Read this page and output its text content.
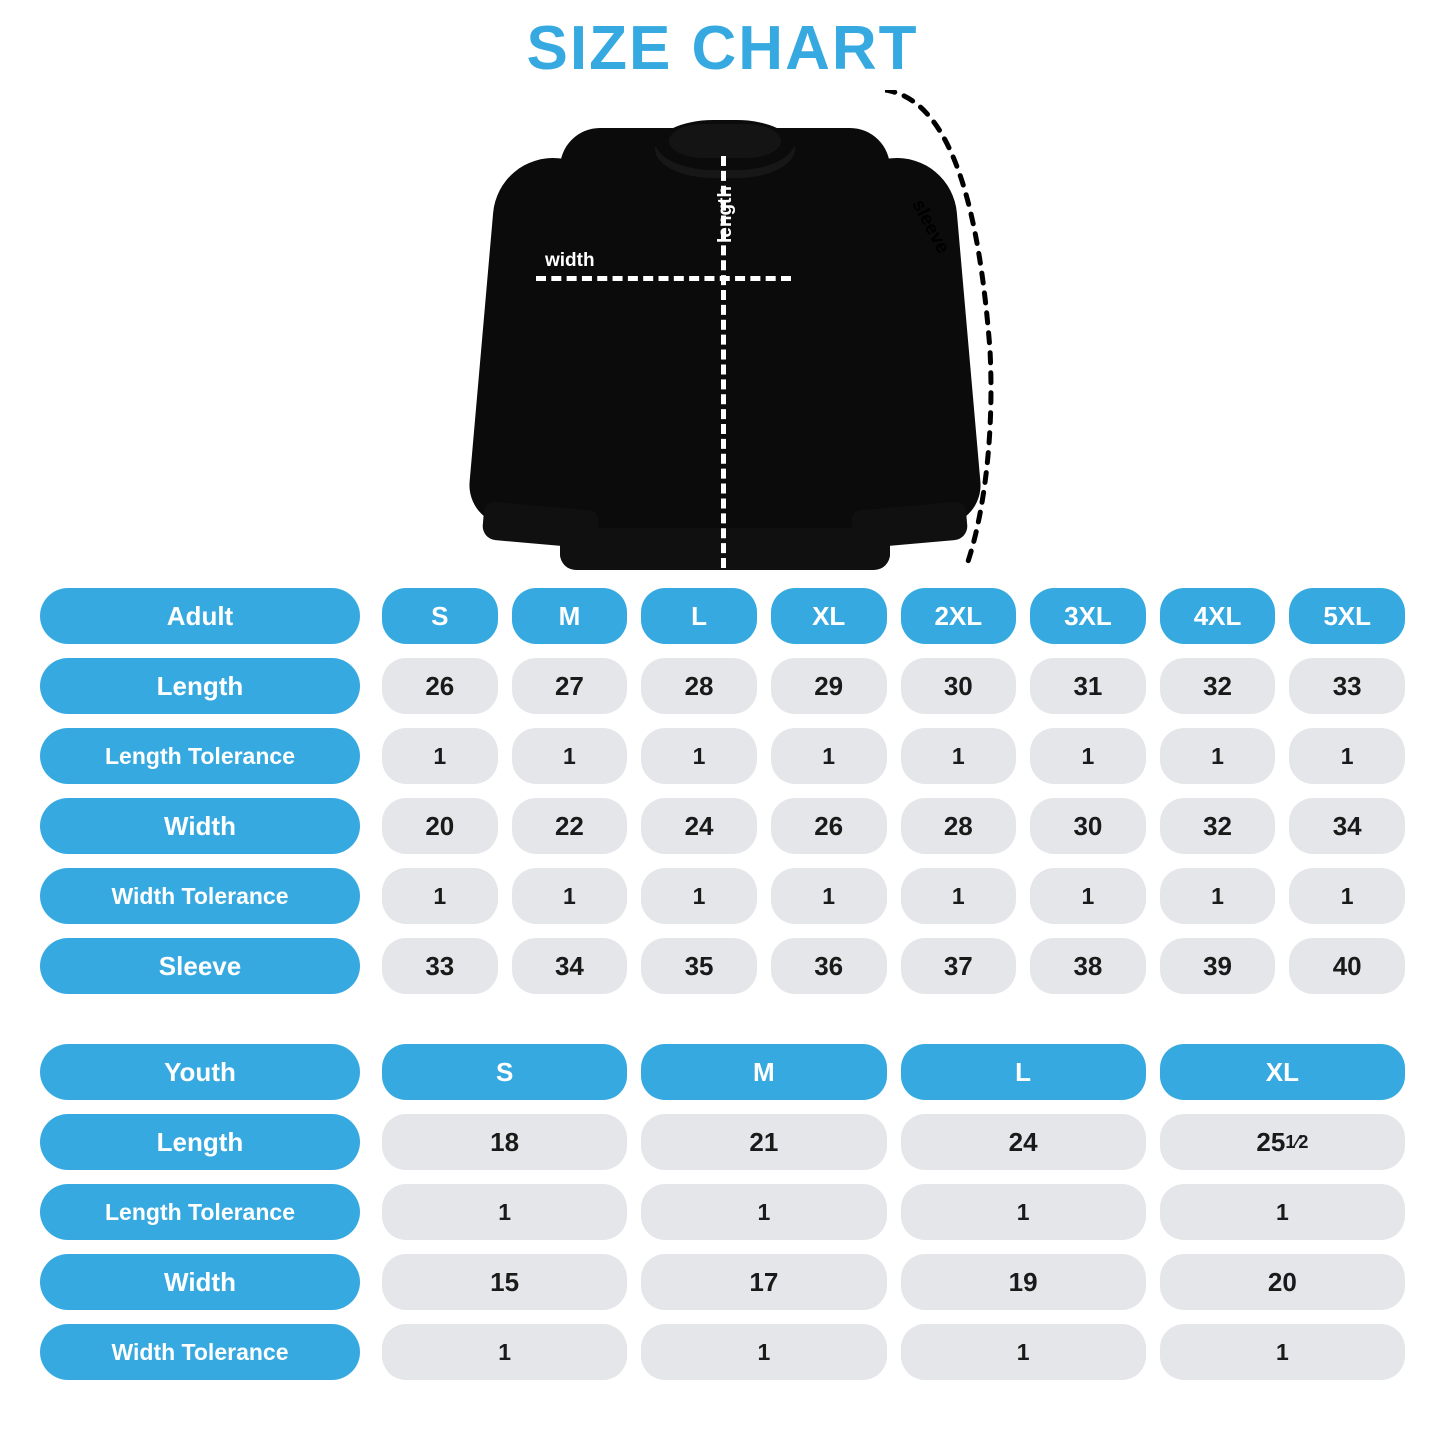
SIZE CHART
length
width
sleeve
Adult	S	M	L	XL	2XL	3XL	4XL	5XL
Length	26	27	28	29	30	31	32	33
Length Tolerance	1	1	1	1	1	1	1	1
Width	20	22	24	26	28	30	32	34
Width Tolerance	1	1	1	1	1	1	1	1
Sleeve	33	34	35	36	37	38	39	40
Youth	S	M	L	XL
Length	18	21	24	25 1⁄2
Length Tolerance	1	1	1	1
Width	15	17	19	20
Width Tolerance	1	1	1	1
